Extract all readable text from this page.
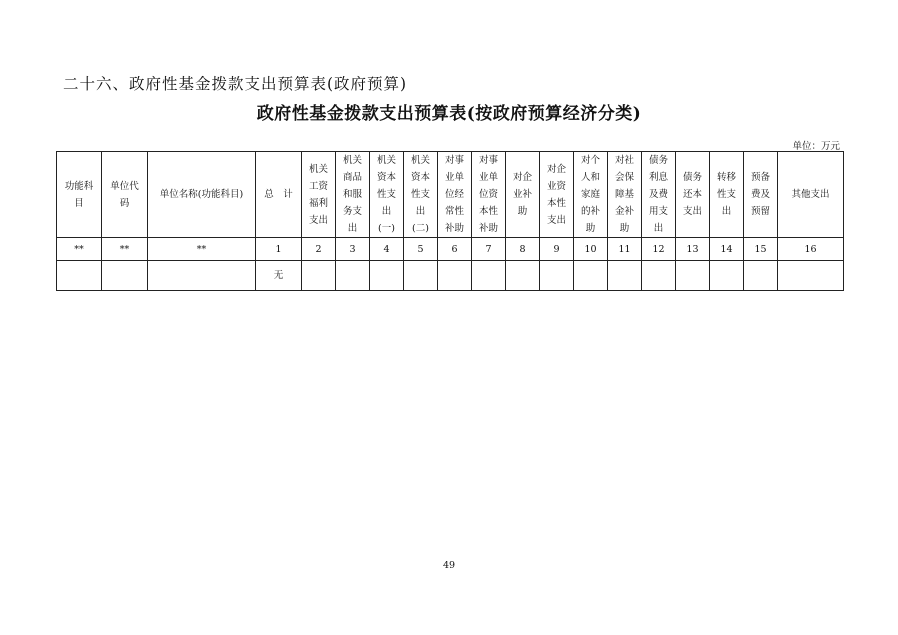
二十六、政府性基金拨款支出预算表(政府预算)
政府性基金拨款支出预算表(按政府预算经济分类)
单位：万元
功能科目	单位代码	单位名称(功能科目)	总　计	机关工资福利支出	机关商品和服务支出	机关资本性支出(一)	机关资本性支出(二)	对事业单位经常性补助	对事业单位资本性补助	对企业补助	对企业资本性支出	对个人和家庭的补助	对社会保障基金补助	债务利息及费用支出	债务还本支出	转移性支出	预备费及预留	其他支出
**	**	**	1	2	3	4	5	6	7	8	9	10	11	12	13	14	15	16
			无															
49
